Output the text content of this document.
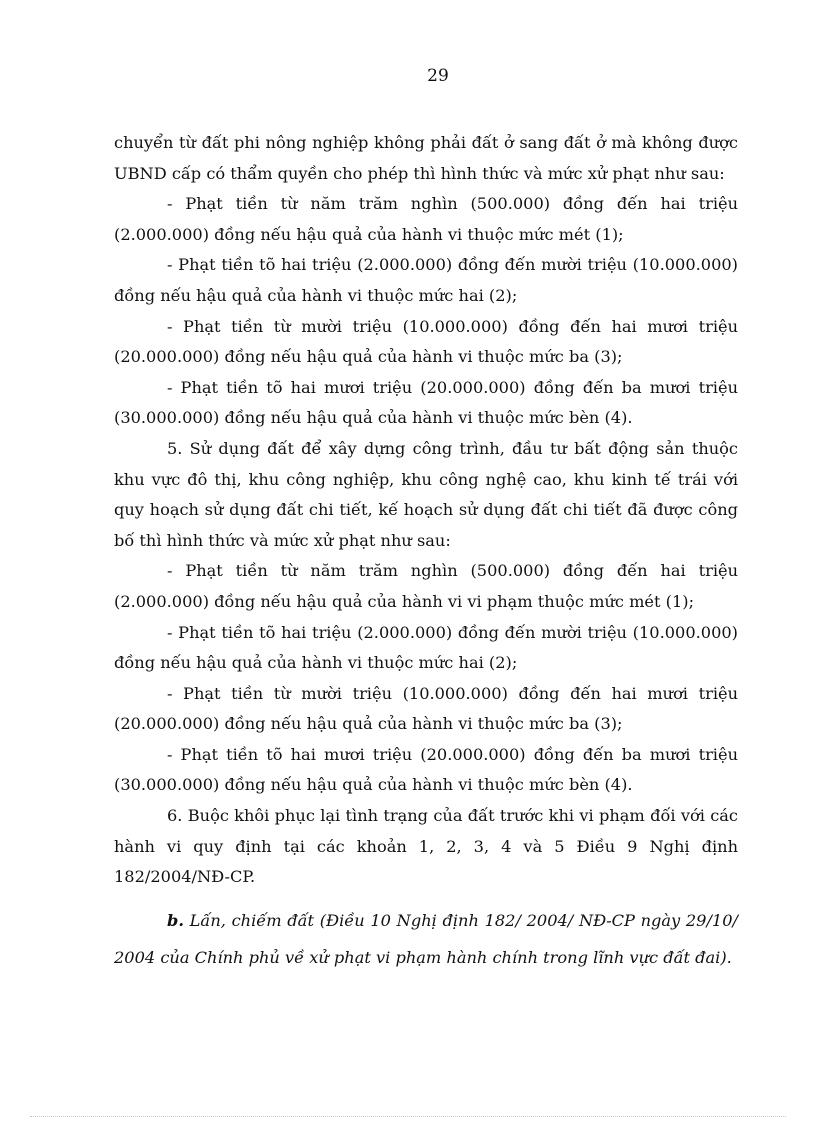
29

chuyển từ đất phi nông nghiệp không phải đất ở sang đất ở mà không được UBND cấp có thẩm quyền cho phép thì hình thức và mức xử phạt như sau:

- Phạt tiền từ năm trăm nghìn (500.000) đồng đến hai triệu (2.000.000) đồng nếu hậu quả của hành vi thuộc mức mét (1);

- Phạt tiền tõ hai triệu (2.000.000) đồng đến mười triệu (10.000.000) đồng nếu hậu quả của hành vi thuộc mức hai (2);

- Phạt tiền từ mười triệu (10.000.000) đồng đến hai mươi triệu (20.000.000) đồng nếu hậu quả của hành vi thuộc mức ba (3);

- Phạt tiền tõ hai mươi triệu (20.000.000) đồng đến ba mươi triệu (30.000.000) đồng nếu hậu quả của hành vi thuộc mức bèn (4).

5. Sử dụng đất để xây dựng công trình, đầu tư bất động sản thuộc khu vực đô thị, khu công nghiệp, khu công nghệ cao, khu kinh tế trái với quy hoạch sử dụng đất chi tiết, kế hoạch sử dụng đất chi tiết đã được công bố thì hình thức và mức xử phạt như sau:

- Phạt tiền từ năm trăm nghìn (500.000) đồng đến hai triệu (2.000.000) đồng nếu hậu quả của hành vi vi phạm thuộc mức mét (1);

- Phạt tiền tõ hai triệu (2.000.000) đồng đến mười triệu (10.000.000) đồng nếu hậu quả của hành vi thuộc mức hai (2);

- Phạt tiền từ mười triệu (10.000.000) đồng đến hai mươi triệu (20.000.000) đồng nếu hậu quả của hành vi thuộc mức ba (3);

- Phạt tiền tõ hai mươi triệu (20.000.000) đồng đến ba mươi triệu (30.000.000) đồng nếu hậu quả của hành vi thuộc mức bèn (4).

6. Buộc khôi phục lại tình trạng của đất trước khi vi phạm đối với các hành vi quy định tại các khoản 1, 2, 3, 4 và 5 Điều 9 Nghị định 182/2004/NĐ-CP.

b. Lấn, chiếm đất (Điều 10 Nghị định 182/ 2004/ NĐ-CP ngày 29/10/ 2004 của Chính phủ về xử phạt vi phạm hành chính trong lĩnh vực đất đai).
